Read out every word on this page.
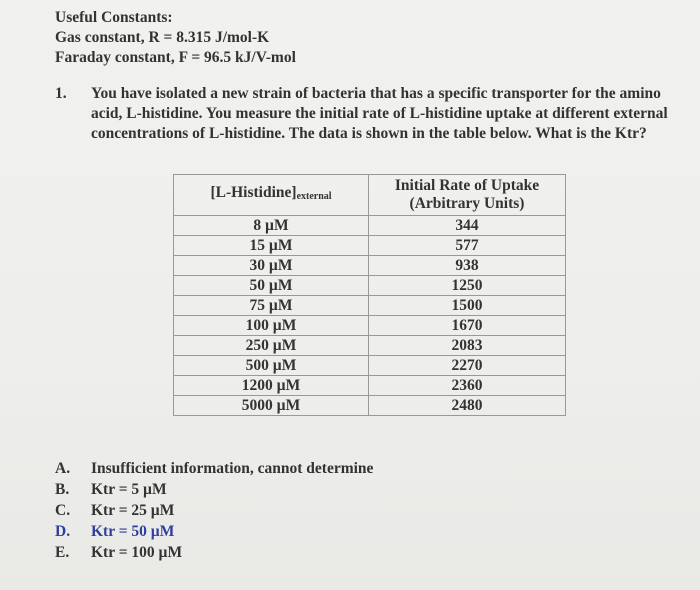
Useful Constants:
Gas constant, R = 8.315 J/mol-K
Faraday constant, F = 96.5 kJ/V-mol
1. You have isolated a new strain of bacteria that has a specific transporter for the amino acid, L-histidine. You measure the initial rate of L-histidine uptake at different external concentrations of L-histidine. The data is shown in the table below. What is the Ktr?
$[L-Histidine]_{external}$	Initial Rate of Uptake
(Arbitrary Units)

8 µM	344
15 µM	577
30 µM	938
50 µM	1250
75 µM	1500
100 µM	1670
250 µM	2083
500 µM	2270
1200 µM	2360
5000 µM	2480
A. Insufficient information, cannot determine
B. Ktr = 5 µM
C. Ktr = 25 µM
D. Ktr = 50 µM
E. Ktr = 100 µM
